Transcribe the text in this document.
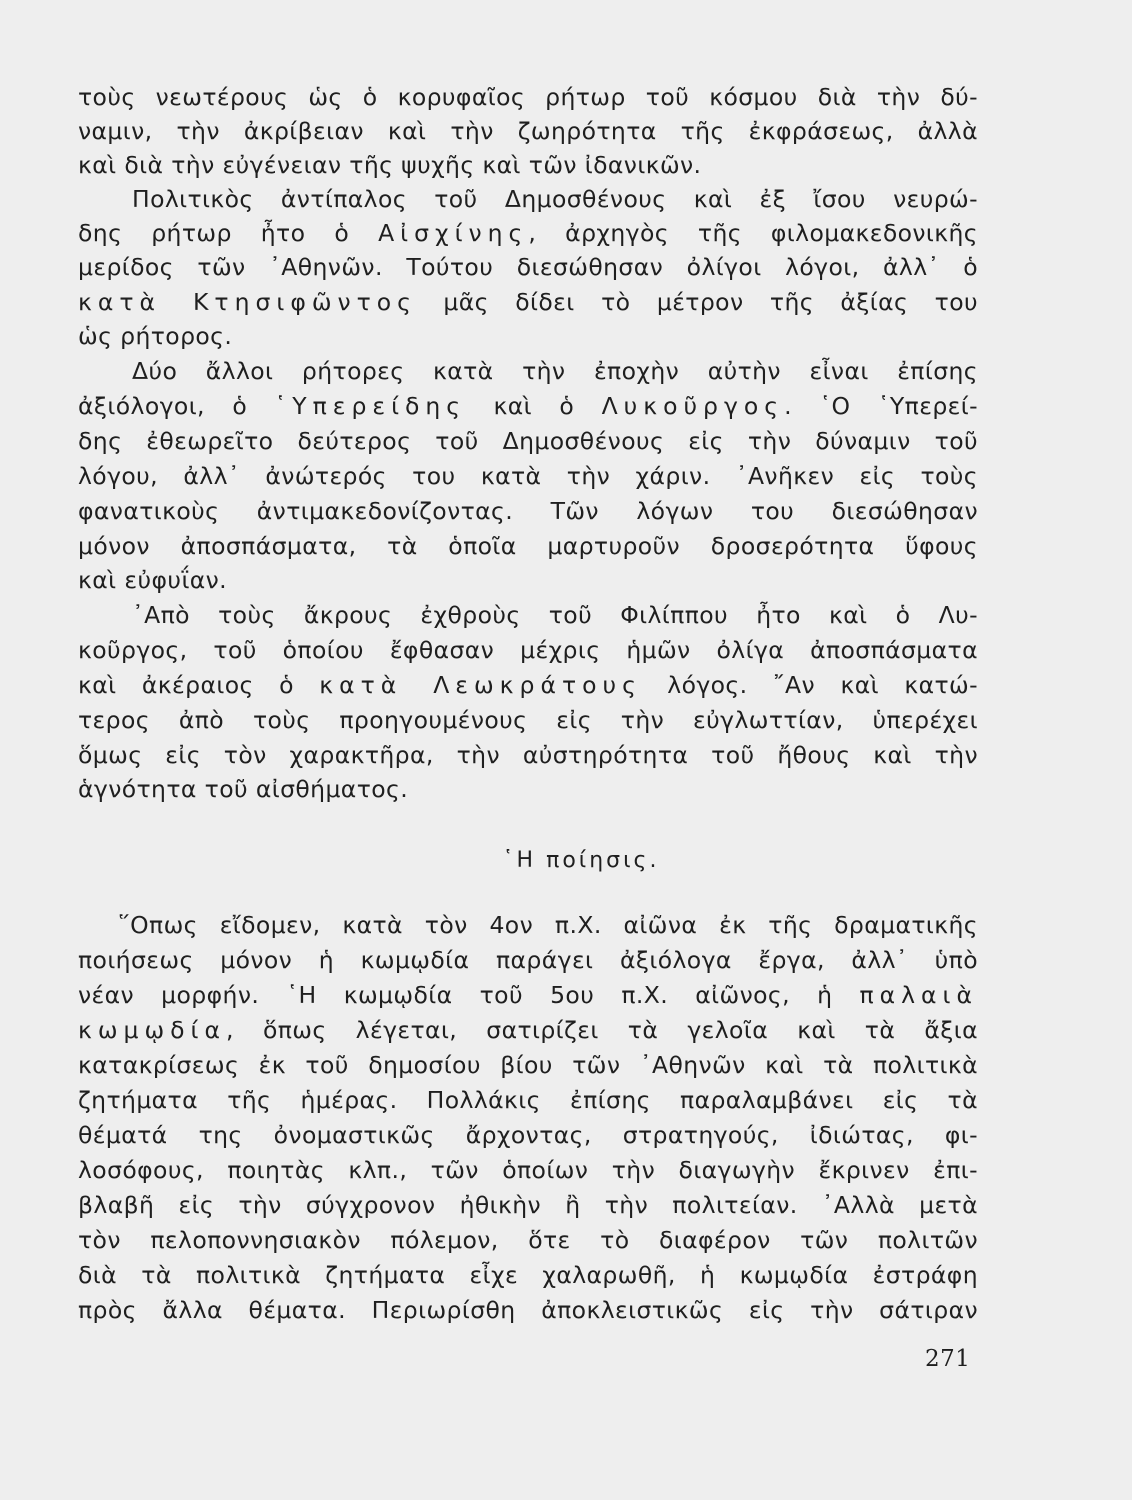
τοὺς νεωτέρους ὡς ὁ κορυφαῖος ρήτωρ τοῦ κόσμου διὰ τὴν δύ-

ναμιν, τὴν ἀκρίβειαν καὶ τὴν ζωηρότητα τῆς ἐκφράσεως, ἀλλὰ

καὶ διὰ τὴν εὐγένειαν τῆς ψυχῆς καὶ τῶν ἰδανικῶν.

Πολιτικὸς ἀντίπαλος τοῦ Δημοσθένους καὶ ἐξ ἴσου νευρώ-

δης ρήτωρ ἦτο ὁ Αἰσχίνης, ἀρχηγὸς τῆς φιλομακεδονικῆς

μερίδος τῶν ᾿Αθηνῶν. Τούτου διεσώθησαν ὀλίγοι λόγοι, ἀλλ᾿ ὁ

κατὰ Κτησιφῶντος μᾶς δίδει τὸ μέτρον τῆς ἀξίας του

ὡς ρήτορος.

Δύο ἄλλοι ρήτορες κατὰ τὴν ἐποχὴν αὐτὴν εἶναι ἐπίσης

ἀξιόλογοι, ὁ ῾Υπερείδης καὶ ὁ Λυκοῦργος. ῾Ο ῾Υπερεί-

δης ἐθεωρεῖτο δεύτερος τοῦ Δημοσθένους εἰς τὴν δύναμιν τοῦ

λόγου, ἀλλ᾿ ἀνώτερός του κατὰ τὴν χάριν. ᾿Ανῆκεν εἰς τοὺς

φανατικοὺς ἀντιμακεδονίζοντας. Τῶν λόγων του διεσώθησαν

μόνον ἀποσπάσματα, τὰ ὁποῖα μαρτυροῦν δροσερότητα ὕφους

καὶ εὐφυΐαν.

᾿Απὸ τοὺς ἄκρους ἐχθροὺς τοῦ Φιλίππου ἦτο καὶ ὁ Λυ-

κοῦργος, τοῦ ὁποίου ἔφθασαν μέχρις ἡμῶν ὀλίγα ἀποσπάσματα

καὶ ἀκέραιος ὁ κατὰ Λεωκράτους λόγος. ῎Αν καὶ κατώ-

τερος ἀπὸ τοὺς προηγουμένους εἰς τὴν εὐγλωττίαν, ὑπερέχει

ὅμως εἰς τὸν χαρακτῆρα, τὴν αὐστηρότητα τοῦ ἤθους καὶ τὴν

ἁγνότητα τοῦ αἰσθήματος.

῾Η ποίησις.

῞Οπως εἴδομεν, κατὰ τὸν 4ον π.Χ. αἰῶνα ἐκ τῆς δραματικῆς

ποιήσεως μόνον ἡ κωμῳδία παράγει ἀξιόλογα ἔργα, ἀλλ᾿ ὑπὸ

νέαν μορφήν. ῾Η κωμῳδία τοῦ 5ου π.Χ. αἰῶνος, ἡ παλαιὰ

κωμῳδία, ὅπως λέγεται, σατιρίζει τὰ γελοῖα καὶ τὰ ἄξια

κατακρίσεως ἐκ τοῦ δημοσίου βίου τῶν ᾿Αθηνῶν καὶ τὰ πολιτικὰ

ζητήματα τῆς ἡμέρας. Πολλάκις ἐπίσης παραλαμβάνει εἰς τὰ

θέματά της ὀνομαστικῶς ἄρχοντας, στρατηγούς, ἰδιώτας, φι-

λοσόφους, ποιητὰς κλπ., τῶν ὁποίων τὴν διαγωγὴν ἔκρινεν ἐπι-

βλαβῆ εἰς τὴν σύγχρονον ἠθικὴν ἢ τὴν πολιτείαν. ᾿Αλλὰ μετὰ

τὸν πελοποννησιακὸν πόλεμον, ὅτε τὸ διαφέρον τῶν πολιτῶν

διὰ τὰ πολιτικὰ ζητήματα εἶχε χαλαρωθῆ, ἡ κωμῳδία ἐστράφη

πρὸς ἄλλα θέματα. Περιωρίσθη ἀποκλειστικῶς εἰς τὴν σάτιραν

271
